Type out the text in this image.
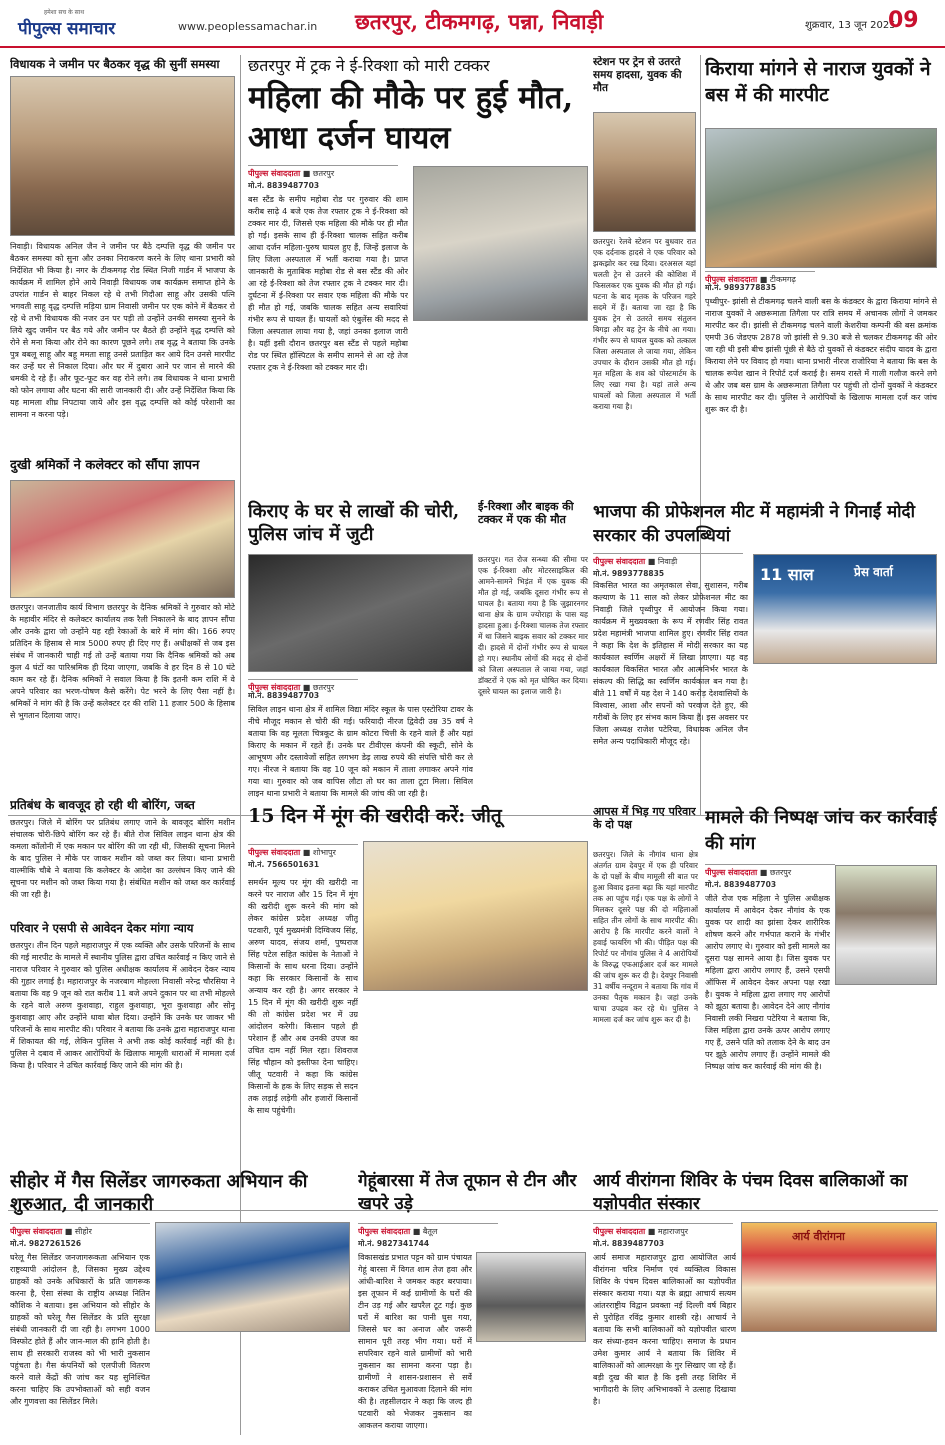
हमेशा सच के साथ
पीपुल्स समाचार	www.peoplessamachar.in छतरपुर, टीकमगढ़, पन्ना, निवाड़ी	शुक्रवार, 13 जून 2025
09
विधायक ने जमीन पर बैठकर वृद्ध की सुनीं समस्या
निवाड़ी। विधायक अनिल जैन ने जमीन पर बैठे दम्पत्ति वृद्ध की जमीन पर बैठकर समस्या को सुना और उनका निराकरण करने के लिए थाना प्रभारी को निर्देशित भी किया है। नगर के टीकमगढ़ रोड स्थित निजी गार्डन में भाजपा के कार्यक्रम में शामिल होने आये निवाड़ी विधायक जब कार्यक्रम समाप्त होने के उपरांत गार्डन से बाहर निकल रहे थे तभी गिदौआ साहू और उसकी पत्नि भगवती साहू वृद्ध दम्पत्ति मड़िया ग्राम निवासी जमीन पर एक कोने में बैठकर रो रहे थे तभी विधायक की नजर उन पर पड़ी तो उन्होंने उनकी समस्या सुनने के लिये खुद जमीन पर बैठ गये और जमीन पर बैठते ही उन्होंने वृद्ध दम्पत्ति को रोने से मना किया और रोने का कारण पूछने लगे। तब वृद्ध ने बताया कि उनके पुत्र बबलू साहू और बहू ममता साहू उनसे प्रताड़ित कर आये दिन उनसे मारपीट कर उन्हें घर से निकाल दिया। और घर में दुबारा आने पर जान से मारने की धमकी दे रहे हैं। और फूट-फूट कर वह रोने लगे। तब विधायक ने थाना प्रभारी को फोन लगाया और घटना की सारी जानकारी दी। और उन्हें निर्देशित किया कि यह मामला शीघ्र निपटाया जाये और इस वृद्ध दम्पत्ति को कोई परेशानी का सामना न करना पड़े।
छतरपुर में ट्रक ने ई-रिक्शा को मारी टक्कर
महिला की मौके पर हुई मौत, आधा दर्जन घायल
पीपुल्स संवाददाता ■ छतरपुर
मो.नं. 8839487703
बस स्टैंड के समीप महोबा रोड पर गुरुवार की शाम करीब साढ़े 4 बजे एक तेज रफ्तार ट्रक ने ई-रिक्शा को टक्कर मार दी, जिससे एक महिला की मौके पर ही मौत हो गई। इसके साथ ही ई-रिक्शा चालक सहित करीब आधा दर्जन महिला-पुरुष घायल हुए हैं, जिन्हें इलाज के लिए जिला अस्पताल में भर्ती कराया गया है। प्राप्त जानकारी के मुताबिक महोबा रोड से बस स्टैंड की ओर आ रहे ई-रिक्शा को तेज रफ्तार ट्रक ने टक्कर मार दी। दुर्घटना में ई-रिक्शा पर सवार एक महिला की मौके पर ही मौत हो गई, जबकि चालक सहित अन्य सवारियां गंभीर रूप से घायल हैं। घायलों को एंबुलेंस की मदद से जिला अस्पताल लाया गया है, जहां उनका इलाज जारी है। यहीं इसी दौरान छतरपुर बस स्टैंड से पहले महोबा रोड पर स्थित हॉस्पिटल के समीप सामने से आ रहे तेज रफ्तार ट्रक ने ई-रिक्शा को टक्कर मार दी।
स्टेशन पर ट्रेन से उतरते समय हादसा, युवक की मौत
छतरपुर। रेलवे स्टेशन पर बुधवार रात एक दर्दनाक हादसे ने एक परिवार को झकझोर कर रख दिया। दरअसल यहां चलती ट्रेन से उतरने की कोशिश में फिसलकर एक युवक की मौत हो गई। घटना के बाद मृतक के परिजन गहरे सदमे में हैं। बताया जा रहा है कि युवक ट्रेन से उतरते समय संतुलन बिगड़ा और वह ट्रेन के नीचे आ गया। गंभीर रूप से घायल युवक को तत्काल जिला अस्पताल ले जाया गया, लेकिन उपचार के दौरान उसकी मौत हो गई। मृत महिला के शव को पोस्टमार्टम के लिए रखा गया है। यहां ताले अन्य घायलों को जिला अस्पताल में भर्ती कराया गया है।
किराया मांगने से नाराज युवकों ने बस में की मारपीट
पीपुल्स संवाददाता ■ टीकमगढ़
मो.नं. 9893778835
पृथ्वीपुर- झांसी से टीकमगढ़ चलने वाली बस के कंडक्टर के द्वारा किराया मांगने से नाराज युवकों ने अछरूमाता तिगैला पर रात्रि समय में अचानक लोगों ने जमकर मारपीट कर दी। झांसी से टीकमगढ़ चलने वाली केशरीया कम्पनी की बस क्रमांक एमपी 36 जेडएफ 2878 जो झांसी से 9.30 बजे से चलकर टीकमगढ़ की ओर जा रही थी इसी बीच झांसी पूंछी से बैठे दो युवकों से कंडक्टर संदीप यादव के द्वारा किराया लेने पर विवाद हो गया। थाना प्रभारी नीरज राजोरिया ने बताया कि बस के चालक रूपेश खान ने रिपोर्ट दर्ज कराई है। समय रास्ते में गाली गलौज करने लगे थे और जब बस ग्राम के अछरूमाता तिगैला पर पहुंची तो दोनों युवकों ने कंडक्टर के साथ मारपीट कर दी। पुलिस ने आरोपियों के खिलाफ मामला दर्ज कर जांच शुरू कर दी है।
दुखी श्रमिकों ने कलेक्टर को सौंपा ज्ञापन
छतरपुर। जनजातीय कार्य विभाग छतरपुर के दैनिक श्रमिकों ने गुरुवार को मोटे के महावीर मंदिर से कलेक्टर कार्यालय तक रैली निकालने के बाद ज्ञापन सौंपा और उनके द्वारा जो उन्होंने यह रही रेकाओं के बारे में मांग की। 166 रुपए प्रतिदिन के हिसाब से मात्र 5000 रुपए ही दिए गए हैं। अधीक्षकों से जब इस संबंध में जानकारी चाही गई तो उन्हें बताया गया कि दैनिक श्रमिकों को अब कुल 4 घंटों का पारिश्रमिक ही दिया जाएगा, जबकि वे हर दिन 8 से 10 घंटे काम कर रहे हैं। दैनिक श्रमिकों ने सवाल किया है कि इतनी कम राशि में वे अपने परिवार का भरण-पोषण कैसे करेंगे। पेट भरने के लिए पैसा नहीं है। श्रमिकों ने मांग की है कि उन्हें कलेक्टर दर की राशि 11 हजार 500 के हिसाब से भुगतान दिलाया जाए।
प्रतिबंध के बावजूद हो रही थी बोरिंग, जब्त
छतरपुर। जिले में बोरिंग पर प्रतिबंध लगाए जाने के बावजूद बोरिंग मशीन संचालक चोरी-छिपे बोरिंग कर रहे हैं। बीते रोज सिविल लाइन थाना क्षेत्र की कमला कॉलोनी में एक मकान पर बोरिंग की जा रही थी, जिसकी सूचना मिलने के बाद पुलिस ने मौके पर जाकर मशीन को जब्त कर लिया। थाना प्रभारी वाल्मीकि चौबे ने बताया कि कलेक्टर के आदेश का उल्लंघन किए जाने की सूचना पर मशीन को जब्त किया गया है। संबंधित मशीन को जब्त कर कार्रवाई की जा रही है।
परिवार ने एसपी से आवेदन देकर मांगा न्याय
छतरपुर। तीन दिन पहले महाराजपुर में एक व्यक्ति और उसके परिजनों के साथ की गई मारपीट के मामले में स्थानीय पुलिस द्वारा उचित कार्रवाई न किए जाने से नाराज परिवार ने गुरुवार को पुलिस अधीक्षक कार्यालय में आवेदन देकर न्याय की गुहार लगाई है। महाराजपुर के नजरबाग मोहल्ला निवासी नरेन्द्र चौरसिया ने बताया कि वह 9 जून को रात करीब 11 बजे अपने दुकान पर था तभी मोहल्ले के रहने वाले अरुण कुशवाहा, राहुल कुशवाहा, भूरा कुशवाहा और सोनू कुशवाहा आए और उन्होंने धावा बोल दिया। उन्होंने कि उनके घर जाकर भी परिजनों के साथ मारपीट की। परिवार ने बताया कि उनके द्वारा महाराजपुर थाना में शिकायत की गई, लेकिन पुलिस ने अभी तक कोई कार्रवाई नहीं की है। पुलिस ने दबाव में आकर आरोपियों के खिलाफ मामूली धाराओं में मामला दर्ज किया है। परिवार ने उचित कार्रवाई किए जाने की मांग की है।
किराए के घर से लाखों की चोरी, पुलिस जांच में जुटी
पीपुल्स संवाददाता ■ छतरपुर
मो.नं. 8839487703
सिविल लाइन थाना क्षेत्र में शामिल विद्या मंदिर स्कूल के पास एस्टोरिया टावर के नीचे मौजूद मकान से चोरी की गई। फरियादी नीरज द्विवेदी उम्र 35 वर्ष ने बताया कि वह मूलतः चित्रकूट के ग्राम कोटरा चित्ती के रहने वाले हैं और यहां किराए के मकान में रहते हैं। उनके घर टीवीएस कंपनी की स्कूटी, सोने के आभूषण और दस्तावेजों सहित लगभग डेढ़ लाख रुपये की संपत्ति चोरी कर ले गए। नीरज ने बताया कि वह 10 जून को मकान में ताला लगाकर अपने गांव गया था। गुरुवार को जब वापिस लौटा तो घर का ताला टूटा मिला। सिविल लाइन थाना प्रभारी ने बताया कि मामले की जांच की जा रही है।
ई-रिक्शा और बाइक की टक्कर में एक की मौत
छतरपुर। गत रोज सन्ध्या की सीमा पर एक ई-रिक्शा और मोटरसाइकिल की आमने-सामने भिड़ंत में एक युवक की मौत हो गई, जबकि दूसरा गंभीर रूप से घायल है। बताया गया है कि जुझारनगर थाना क्षेत्र के ग्राम ज्योराहा के पास यह हादसा हुआ। ई-रिक्शा चालक तेज रफ्तार में था जिसने बाइक सवार को टक्कर मार दी। हादसे में दोनों गंभीर रूप से घायल हो गए। स्थानीय लोगों की मदद से दोनों को जिला अस्पताल ले जाया गया, जहां डॉक्टरों ने एक को मृत घोषित कर दिया। दूसरे घायल का इलाज जारी है।
भाजपा की प्रोफेशनल मीट में महामंत्री ने गिनाईं मोदी सरकार की उपलब्धियां
पीपुल्स संवाददाता ■ निवाड़ी
मो.नं. 9893778835	11 साल	प्रेस वार्ता
विकसित भारत का अमृतकाल सेवा, सुशासन, गरीब कल्याण के 11 साल को लेकर प्रोफेशनल मीट का निवाड़ी जिले पृथ्वीपुर में आयोजन किया गया। कार्यक्रम में मुख्यवक्ता के रूप में रणवीर सिंह रावत प्रदेश महामंत्री भाजपा शामिल हुए। रणवीर सिंह रावत ने कहा कि देश के इतिहास में मोदी सरकार का यह कार्यकाल स्वर्णिम अक्षरों में लिखा जाएगा। यह वह कार्यकाल विकसित भारत और आत्मनिर्भर भारत के संकल्प की सिद्धि का स्वर्णिम कार्यकाल बन गया है। बीते 11 वर्षों में यह देश ने 140 करोड़ देशवासियों के विश्वास, आशा और सपनों को परवाज देते हुए, की गरीबों के लिए हर संभव काम किया है। इस अवसर पर जिला अध्यक्ष राजेश पटेरिया, विधायक अनिल जैन समेत अन्य पदाधिकारी मौजूद रहे।
15 दिन में मूंग की खरीदी करें: जीतू
पीपुल्स संवाददाता ■ शोभापुर
मो.नं. 7566501631
समर्थन मूल्य पर मूंग की खरीदी ना करने पर नाराज और 15 दिन में मूंग की खरीदी शुरू करने की मांग को लेकर कांग्रेस प्रदेश अध्यक्ष जीतू पटवारी, पूर्व मुख्यमंत्री दिग्विजय सिंह, अरुण यादव, संजय शर्मा, पुष्पराज सिंह पटेल सहित कांग्रेस के नेताओं ने किसानों के साथ धरना दिया। उन्होंने कहा कि सरकार किसानों के साथ अन्याय कर रही है। अगर सरकार ने 15 दिन में मूंग की खरीदी शुरू नहीं की तो कांग्रेस प्रदेश भर में उग्र आंदोलन करेगी। किसान पहले ही परेशान हैं और अब उनकी उपज का उचित दाम नहीं मिल रहा। शिवराज सिंह चौहान को इस्तीफा देना चाहिए। जीतू पटवारी ने कहा कि कांग्रेस किसानों के हक के लिए सड़क से सदन तक लड़ाई लड़ेगी और हजारों किसानों के साथ पहुंचेगी।
आपस में भिड़ गए परिवार के दो पक्ष
छतरपुर। जिले के नौगांव थाना क्षेत्र अंतर्गत ग्राम देवपुर में एक ही परिवार के दो पक्षों के बीच मामूली सी बात पर हुआ विवाद इतना बढ़ा कि यहां मारपीट तक आ पहुंच गई। एक पक्ष के लोगों ने मिलकर दूसरे पक्ष की दो महिलाओं सहित तीन लोगों के साथ मारपीट की। आरोप है कि मारपीट करने वालों ने हवाई फायरिंग भी की। पीड़ित पक्ष की रिपोर्ट पर नौगांव पुलिस ने 4 आरोपियों के विरुद्ध एफआईआर दर्ज कर मामले की जांच शुरू कर दी है। देवपुर निवासी 31 वर्षीय नन्दूराम ने बताया कि गांव में उनका पैतृक मकान है। जहां उनके चाचा उपद्रव कर रहे थे। पुलिस ने मामला दर्ज कर जांच शुरू कर दी है।
मामले की निष्पक्ष जांच कर कार्रवाई की मांग
पीपुल्स संवाददाता ■ छतरपुर
मो.नं. 8839487703
जीते रोज एक महिला ने पुलिस अधीक्षक कार्यालय में आवेदन देकर नौगांव के एक युवक पर शादी का झांसा देकर शारीरिक शोषण करने और गर्भपात कराने के गंभीर आरोप लगाए थे। गुरुवार को इसी मामले का दूसरा पक्ष सामने आया है। जिस युवक पर महिला द्वारा आरोप लगाए हैं, उसने एसपी ऑफिस में आवेदन देकर अपना पक्ष रखा है। युवक ने महिला द्वारा लगाए गए आरोपों को झूठा बताया है। आवेदन देने आए नौगांव निवासी लकी निखरा पटेरिया ने बताया कि, जिस महिला द्वारा उनके ऊपर आरोप लगाए गए हैं, उसने पति को तलाक देने के बाद उन पर झूठे आरोप लगाए हैं। उन्होंने मामले की निष्पक्ष जांच कर कार्रवाई की मांग की है।
सीहोर में गैस सिलेंडर जागरुकता अभियान की शुरुआत, दी जानकारी
पीपुल्स संवाददाता ■ सीहोर
मो.नं. 9827261526
घरेलू गैस सिलेंडर जनजागरूकता अभियान एक राष्ट्रव्यापी आंदोलन है, जिसका मुख्य उद्देश्य ग्राहकों को उनके अधिकारों के प्रति जागरूक करना है, ऐसा संस्था के राष्ट्रीय अध्यक्ष नितिन कौशिक ने बताया। इस अभियान को सीहोर के ग्राहकों को घरेलू गैस सिलेंडर के प्रति सुरक्षा संबंधी जानकारी दी जा रही है। लगभग 1000 विस्फोट होते हैं और जान-माल की हानि होती है। साथ ही सरकारी राजस्व को भी भारी नुकसान पहुंचता है। गैस कंपनियों को एलपीजी वितरण करने वाले केंद्रों की जांच कर यह सुनिश्चित करना चाहिए कि उपभोक्ताओं को सही वजन और गुणवत्ता का सिलेंडर मिले।
गेहूंबारसा में तेज तूफान से टीन और खपरे उड़े
पीपुल्स संवाददाता ■ बैतूल
मो.नं. 9827341744
विकासखंड प्रभात पट्टन को ग्राम पंचायत गेहूं बारसा में विगत शाम तेज हवा और आंधी-बारिश ने जमकर कहर बरपाया। इस तूफान में कई ग्रामीणों के घरों की टीन उड़ गई और खपरैल टूट गई। कुछ घरों में बारिश का पानी घुस गया, जिससे घर का अनाज और जरूरी सामान पूरी तरह भीग गया। घरों में सपरिवार रहने वाले ग्रामीणों को भारी नुकसान का सामना करना पड़ा है। ग्रामीणों ने शासन-प्रशासन से सर्वे कराकर उचित मुआवजा दिलाने की मांग की है। तहसीलदार ने कहा कि जल्द ही पटवारी को भेजकर नुकसान का आकलन कराया जाएगा।
आर्य वीरांगना शिविर के पंचम दिवस बालिकाओं का यज्ञोपवीत संस्कार
पीपुल्स संवाददाता ■ महाराजपुर
मो.नं. 8839487703
आर्य वीरांगना
आर्य समाज महाराजपुर द्वारा आयोजित आर्य वीरांगना चरित्र निर्माण एवं व्यक्तित्व विकास शिविर के पंचम दिवस बालिकाओं का यज्ञोपवीत संस्कार कराया गया। यज्ञ के ब्रह्मा आचार्य सत्यम आंतरराष्ट्रीय विद्वान प्रवक्ता नई दिल्ली वर्ष बिहार से पुरोहित रविंद्र कुमार शास्त्री रहे। आचार्य ने बताया कि सभी बालिकाओं को यज्ञोपवीत धारण कर संध्या-हवन करना चाहिए। समाज के प्रधान उमेश कुमार आर्य ने बताया कि शिविर में बालिकाओं को आत्मरक्षा के गुर सिखाए जा रहे हैं। बड़ी दुख की बात है कि इसी तरह शिविर में भागीदारी के लिए अभिभावकों ने उत्साह दिखाया है।
